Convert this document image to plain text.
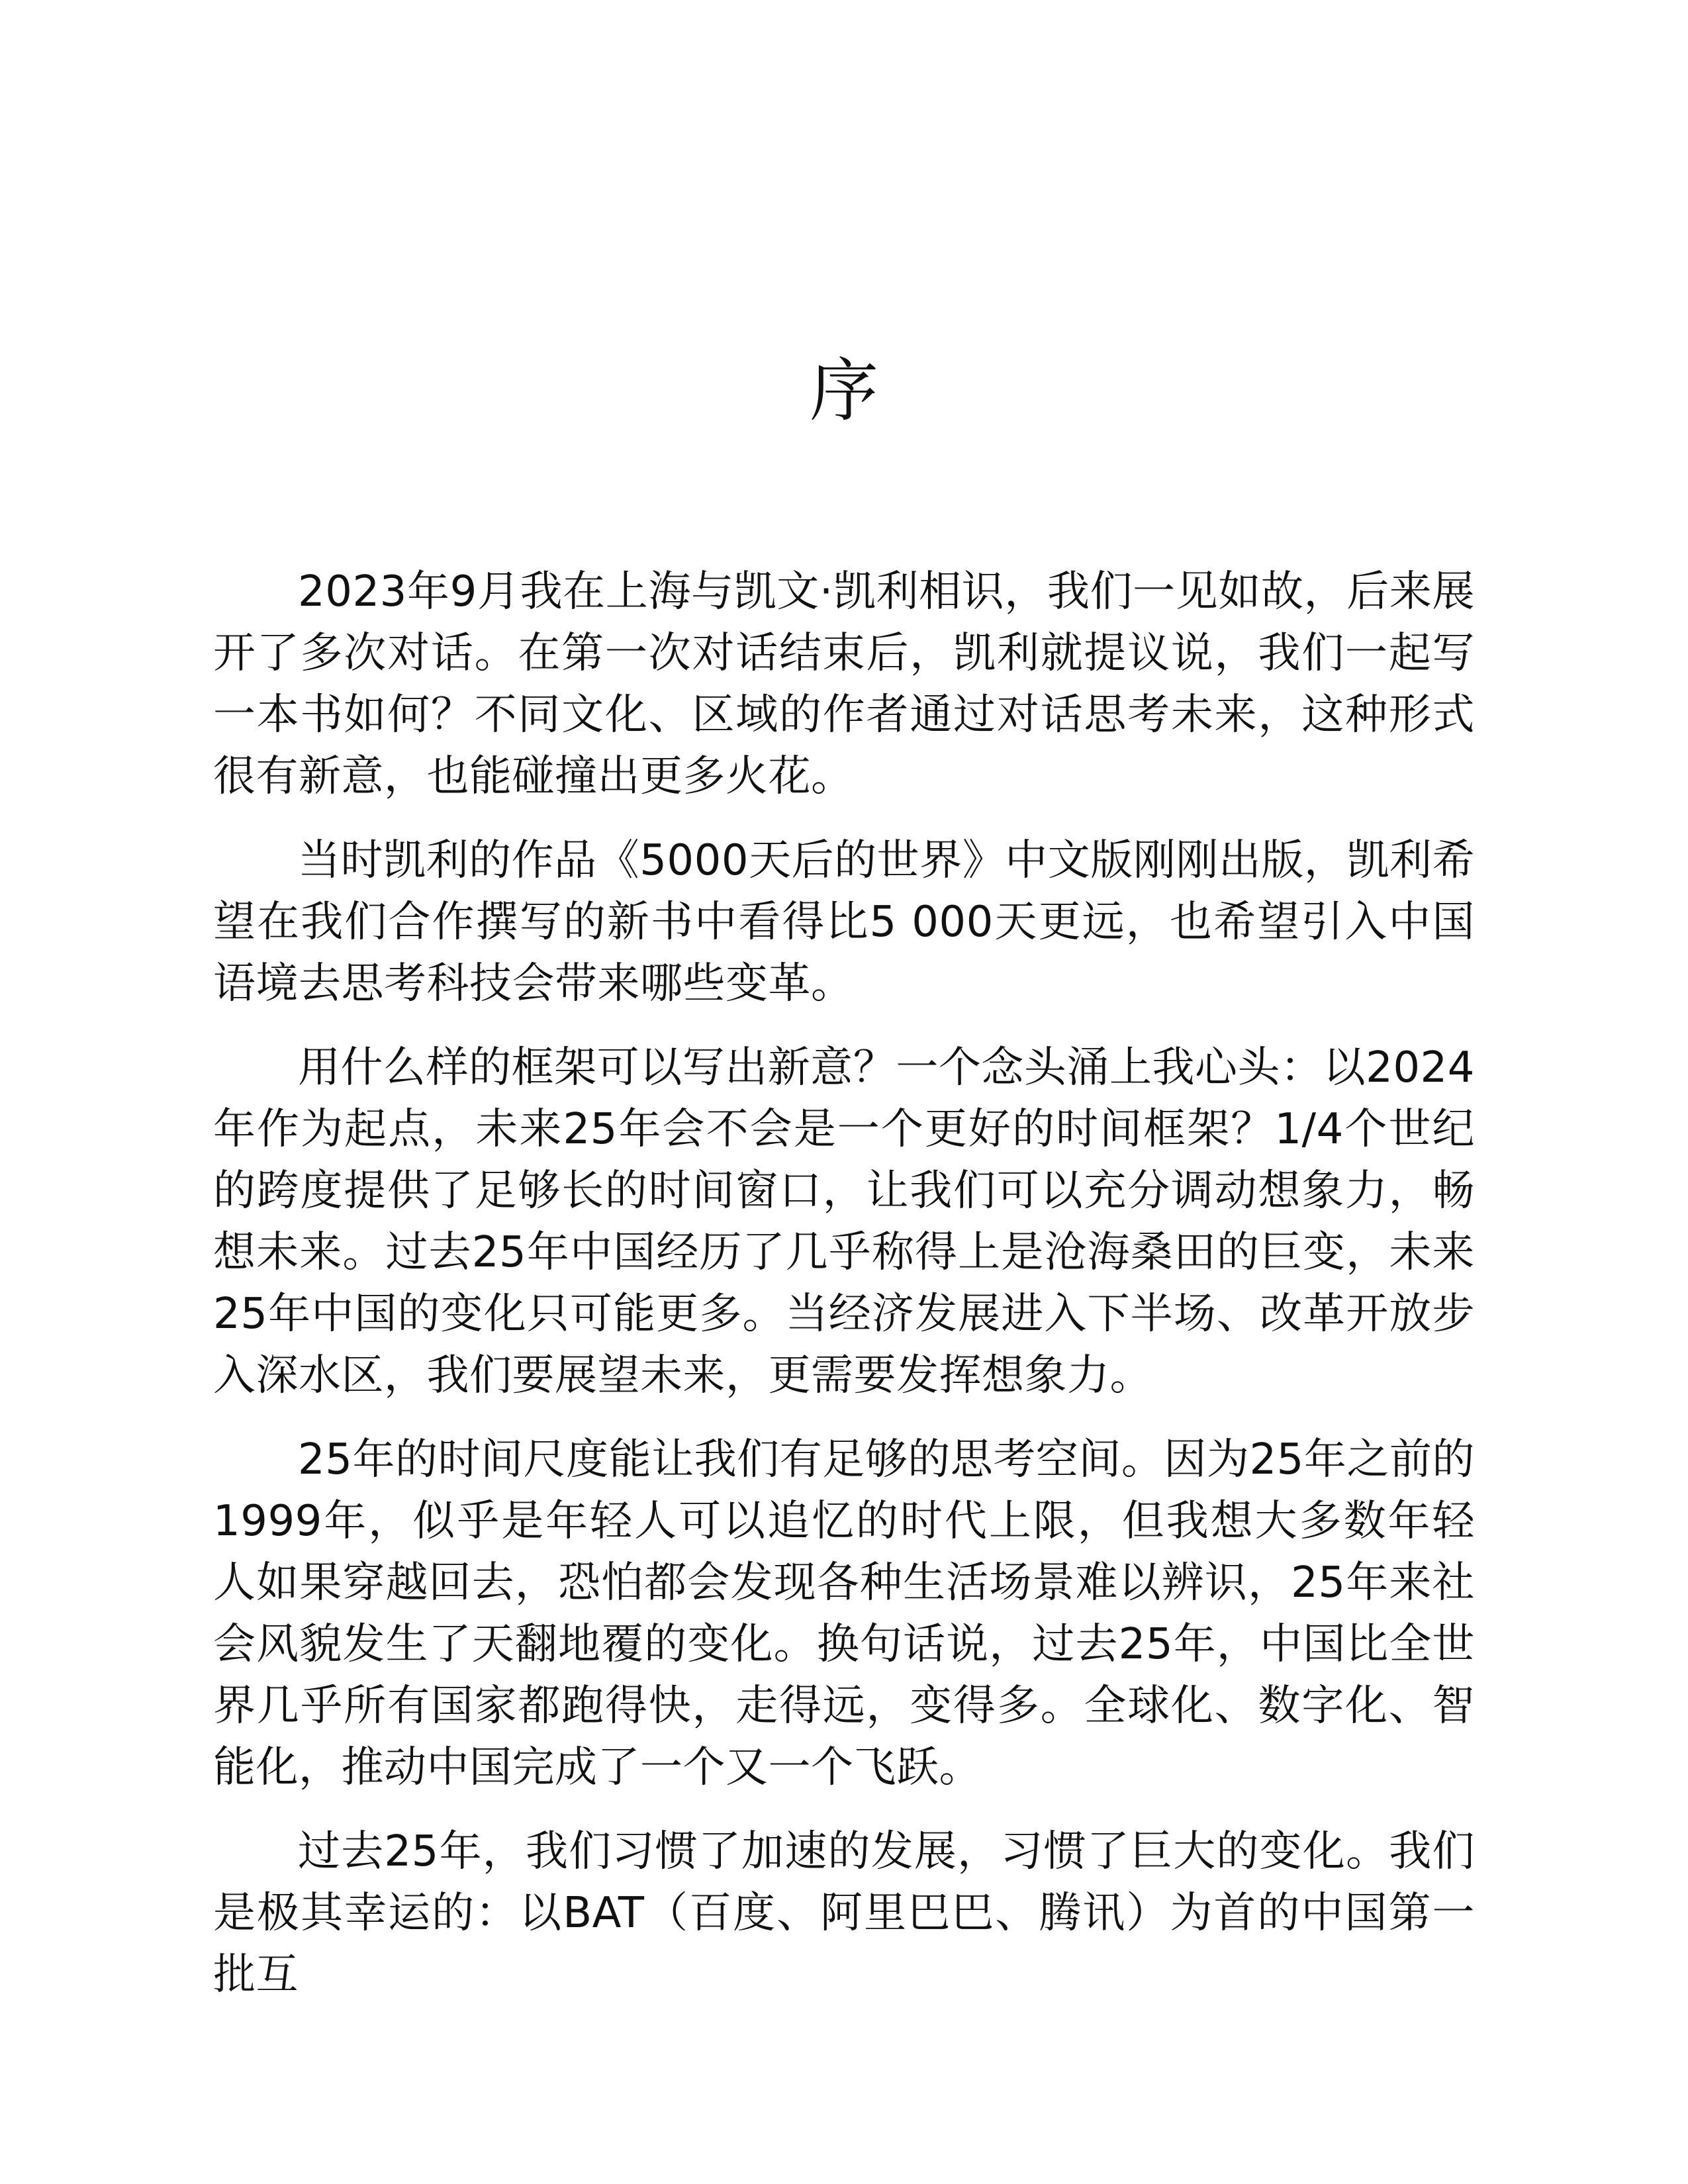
序

2023年9月我在上海与凯文·凯利相识，我们一见如故，后来展开了多次对话。在第一次对话结束后，凯利就提议说，我们一起写一本书如何？不同文化、区域的作者通过对话思考未来，这种形式很有新意，也能碰撞出更多火花。

当时凯利的作品《5000天后的世界》中文版刚刚出版，凯利希望在我们合作撰写的新书中看得比5 000天更远，也希望引入中国语境去思考科技会带来哪些变革。

用什么样的框架可以写出新意？一个念头涌上我心头：以2024年作为起点，未来25年会不会是一个更好的时间框架？1/4个世纪的跨度提供了足够长的时间窗口，让我们可以充分调动想象力，畅想未来。过去25年中国经历了几乎称得上是沧海桑田的巨变，未来25年中国的变化只可能更多。当经济发展进入下半场、改革开放步入深水区，我们要展望未来，更需要发挥想象力。

25年的时间尺度能让我们有足够的思考空间。因为25年之前的1999年，似乎是年轻人可以追忆的时代上限，但我想大多数年轻人如果穿越回去，恐怕都会发现各种生活场景难以辨识，25年来社会风貌发生了天翻地覆的变化。换句话说，过去25年，中国比全世界几乎所有国家都跑得快，走得远，变得多。全球化、数字化、智能化，推动中国完成了一个又一个飞跃。

过去25年，我们习惯了加速的发展，习惯了巨大的变化。我们是极其幸运的：以BAT（百度、阿里巴巴、腾讯）为首的中国第一批互
